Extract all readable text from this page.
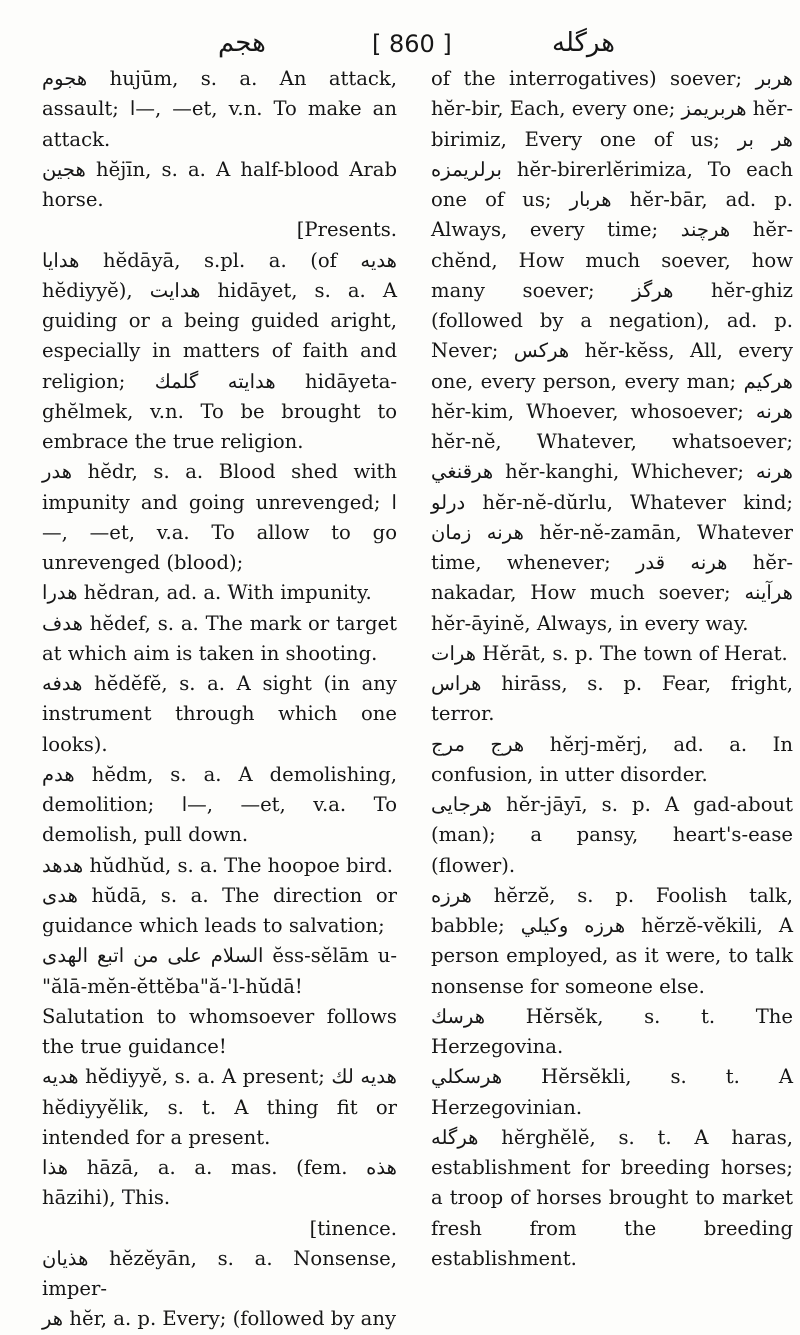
هجم	[ 860 ]	هرگله

هجوم hujūm, s. a. An attack, assault; ا—, —et, v.n. To make an attack.

هجين hĕjīn, s. a. A half-blood Arab horse.

[Presents.

هدايا hĕdāyā, s.pl. a. (of هديه hĕdiyyĕ), هدايت hidāyet, s. a. A guiding or a being guided aright, especially in matters of faith and religion; هدايته گلمك hidāyeta-ghĕlmek, v.n. To be brought to embrace the true religion.

هدر hĕdr, s. a. Blood shed with impunity and going unrevenged; ا—, —et, v.a. To allow to go unrevenged (blood);

هدرا hĕdran, ad. a. With impunity.

هدف hĕdef, s. a. The mark or target at which aim is taken in shooting.

هدفه hĕdĕfĕ, s. a. A sight (in any instrument through which one looks).

هدم hĕdm, s. a. A demolishing, demolition; ا—, —et, v.a. To demolish, pull down.

هدهد hŭdhŭd, s. a. The hoopoe bird.

هدى hŭdā, s. a. The direction or guidance which leads to salvation;

السلام على من اتبع الهدى ĕss-sĕlām u-"ălā-mĕn-ĕttĕba"ă-'l-hŭdā! Salutation to whomsoever follows the true guidance!

هديه hĕdiyyĕ, s. a. A present; هديه لك hĕdiyyĕlik, s. t. A thing fit or intended for a present.

هذا hāzā, a. a. mas. (fem. هذه hāzihi), This.

[tinence.

هذيان hĕzĕyān, s. a. Nonsense, imper-

هر hĕr, a. p. Every; (followed by any

of the interrogatives) soever; هربر hĕr-bir, Each, every one; هربريمز hĕr-birimiz, Every one of us; هر بر برلريمزه hĕr-birerlĕrimiza, To each one of us; هربار hĕr-bār, ad. p. Always, every time; هرچند hĕr-chĕnd, How much soever, how many soever; هرگز hĕr-ghiz (followed by a negation), ad. p. Never; هركس hĕr-kĕss, All, every one, every person, every man; هركيم hĕr-kim, Whoever, whosoever; هرنه hĕr-nĕ, Whatever, whatsoever; هرقنغي hĕr-kanghi, Whichever; هرنه درلو hĕr-nĕ-dŭrlu, Whatever kind; هرنه زمان hĕr-nĕ-zamān, Whatever time, whenever; هرنه قدر hĕr-nakadar, How much soever; هرآينه hĕr-āyinĕ, Always, in every way.

هرات Hĕrāt, s. p. The town of Herat.

هراس hirāss, s. p. Fear, fright, terror.

هرج مرج hĕrj-mĕrj, ad. a. In confusion, in utter disorder.

هرجايى hĕr-jāyī, s. p. A gad-about (man); a pansy, heart's-ease (flower).

هرزه hĕrzĕ, s. p. Foolish talk, babble; هرزه وكيلي hĕrzĕ-vĕkili, A person employed, as it were, to talk nonsense for someone else.

هرسك Hĕrsĕk, s. t. The Herzegovina.

هرسكلي Hĕrsĕkli, s. t. A Herzegovinian.

هرگله hĕrghĕlĕ, s. t. A haras, establishment for breeding horses; a troop of horses brought to market fresh from the breeding establishment.
